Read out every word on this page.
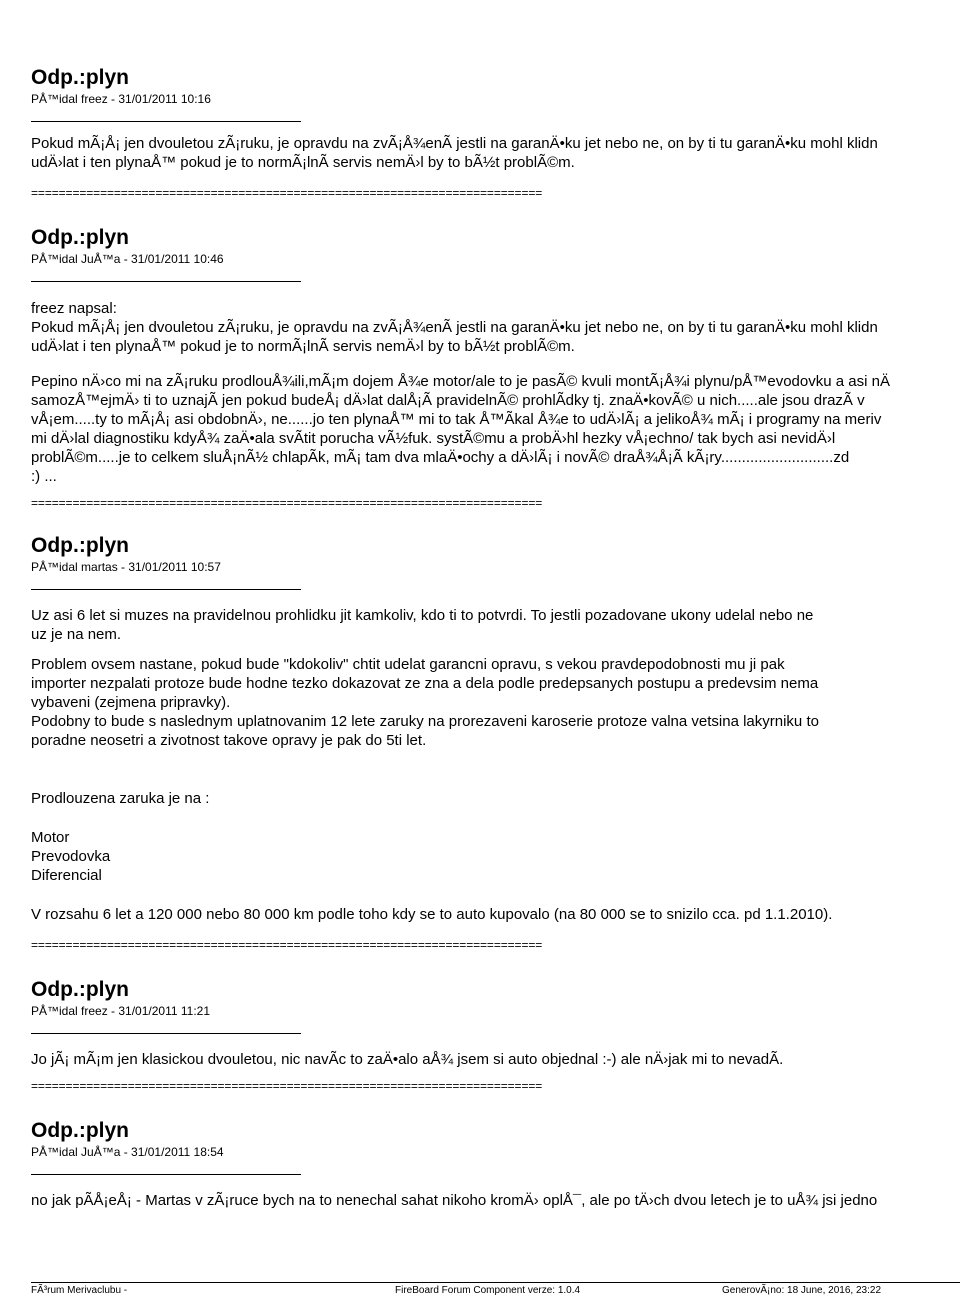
Odp.:plyn
PÅ™idal freez - 31/01/2011 10:16
Pokud mÃ¡Å¡ jen dvouletou zÃ¡ruku, je opravdu na zvÃ¡Å¾enÃ jestli na garanÄ•ku jet nebo ne, on by ti tu garanÄ•ku mohl klidn
udÄ›lat i ten plynaÅ™ pokud je to normÃ¡lnÃ servis nemÄ›l by to bÃ½t problÃ©m.
==========================================================================
Odp.:plyn
PÅ™idal JuÅ™a - 31/01/2011 10:46
freez napsal:
Pokud mÃ¡Å¡ jen dvouletou zÃ¡ruku, je opravdu na zvÃ¡Å¾enÃ jestli na garanÄ•ku jet nebo ne, on by ti tu garanÄ•ku mohl klidn
udÄ›lat i ten plynaÅ™ pokud je to normÃ¡lnÃ servis nemÄ›l by to bÃ½t problÃ©m.
Pepino nÄ›co mi na zÃ¡ruku prodlouÅ¾ili,mÃ¡m dojem Å¾e motor/ale to je pasÃ© kvuli montÃ¡Å¾i plynu/pÅ™evodovku a asi nÄ
samozÅ™ejmÄ› ti to uznajÃ jen pokud budeÅ¡ dÄ›lat dalÅ¡Ã pravidelnÃ© prohlÃdky tj. znaÄ•kovÃ© u nich.....ale jsou drazÃ v
vÅ¡em.....ty to mÃ¡Å¡ asi obdobnÄ›, ne......jo ten plynaÅ™ mi to tak Å™Ãkal Å¾e to udÄ›lÃ¡ a jelikoÅ¾ mÃ¡ i programy na meriv
mi dÄ›lal diagnostiku kdyÅ¾ zaÄ•ala svÃtit porucha vÃ½fuk. systÃ©mu a probÄ›hl hezky vÅ¡echno/ tak bych asi nevidÄ›l
problÃ©m.....je to celkem sluÅ¡nÃ½ chlapÃk, mÃ¡ tam dva mlaÄ•ochy a dÄ›lÃ¡ i novÃ© draÅ¾Å¡Ã kÃ¡ry...........................zd
:) ...
==========================================================================
Odp.:plyn
PÅ™idal martas - 31/01/2011 10:57
Uz asi 6 let si muzes na pravidelnou prohlidku jit kamkoliv, kdo ti to potvrdi. To jestli pozadovane ukony udelal nebo ne
uz je na nem.
Problem ovsem nastane, pokud bude "kdokoliv" chtit udelat garancni opravu, s vekou pravdepodobnosti mu ji pak
importer nezpalati protoze bude hodne tezko dokazovat ze zna a dela podle predepsanych postupu a predevsim nema
vybaveni (zejmena pripravky).
Podobny to bude s naslednym uplatnovanim 12 lete zaruky na prorezaveni karoserie protoze valna vetsina lakyrniku to
poradne neosetri a zivotnost takove opravy je pak do 5ti let.
Prodlouzena zaruka je na :
Motor
Prevodovka
Diferencial
V rozsahu 6 let a 120 000 nebo 80 000 km podle toho kdy se to auto kupovalo (na 80 000 se to snizilo cca. pd 1.1.2010).
==========================================================================
Odp.:plyn
PÅ™idal freez - 31/01/2011 11:21
Jo jÃ¡ mÃ¡m jen klasickou dvouletou, nic navÃc to zaÄ•alo aÅ¾ jsem si auto objednal :-) ale nÄ›jak mi to nevadÃ.
==========================================================================
Odp.:plyn
PÅ™idal JuÅ™a - 31/01/2011 18:54
no jak pÃÅ¡eÅ¡ - Martas v zÃ¡ruce bych na to nenechal sahat nikoho kromÄ› oplÅ¯, ale po tÄ›ch dvou letech je to uÅ¾ jsi jedno
FÃ³rum Merivaclubu -	FireBoard Forum Component verze: 1.0.4	GenerovÃ¡no: 18 June, 2016, 23:22
